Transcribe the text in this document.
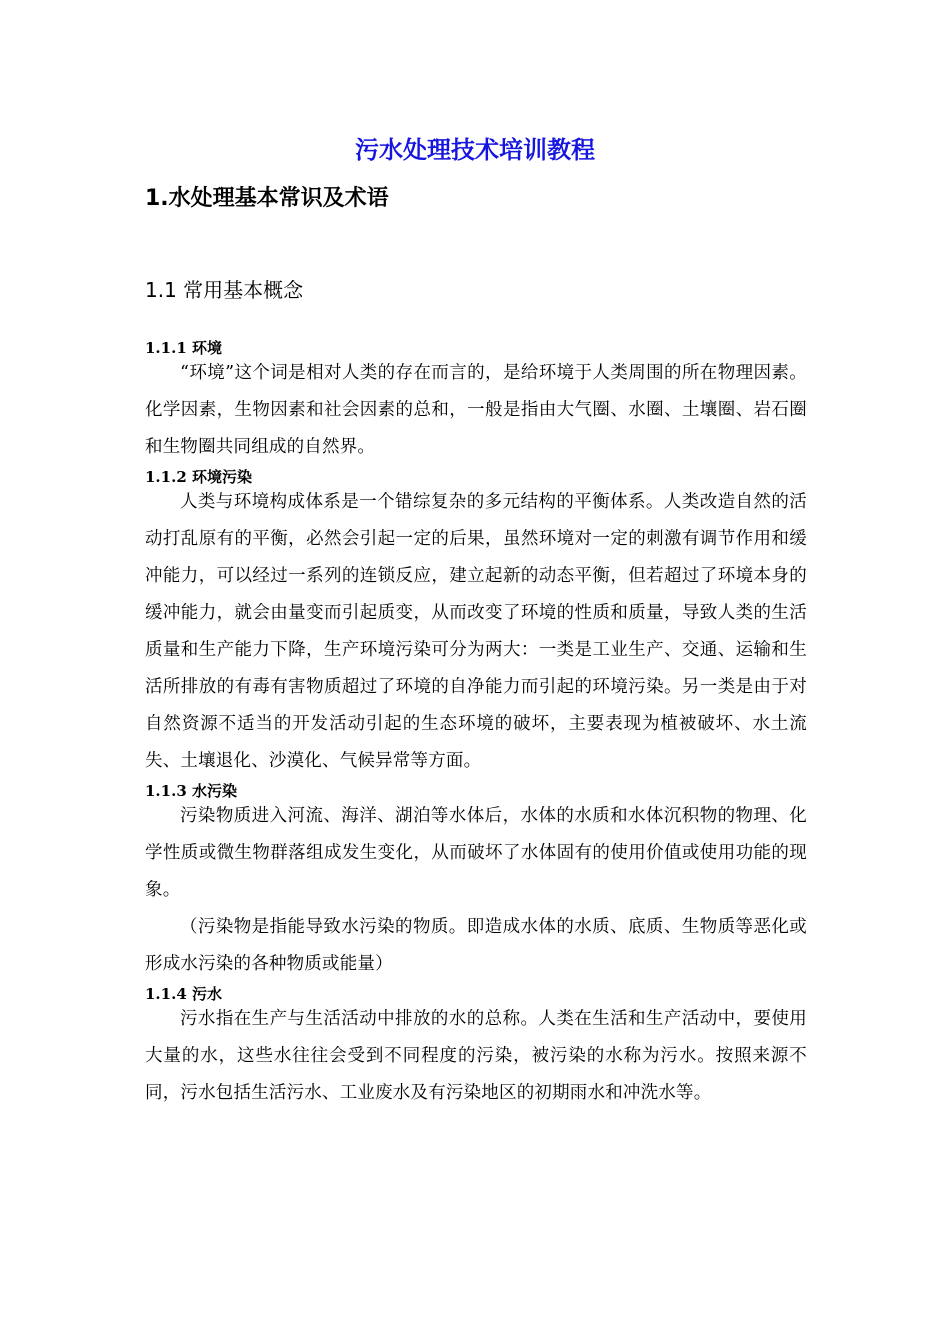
污水处理技术培训教程
1.水处理基本常识及术语
1.1 常用基本概念
1.1.1 环境

“环境”这个词是相对人类的存在而言的，是给环境于人类周围的所在物理因素。化学因素，生物因素和社会因素的总和，一般是指由大气圈、水圈、土壤圈、岩石圈和生物圈共同组成的自然界。

1.1.2 环境污染

人类与环境构成体系是一个错综复杂的多元结构的平衡体系。人类改造自然的活动打乱原有的平衡，必然会引起一定的后果，虽然环境对一定的刺激有调节作用和缓冲能力，可以经过一系列的连锁反应，建立起新的动态平衡，但若超过了环境本身的缓冲能力，就会由量变而引起质变，从而改变了环境的性质和质量，导致人类的生活质量和生产能力下降，生产环境污染可分为两大：一类是工业生产、交通、运输和生活所排放的有毒有害物质超过了环境的自净能力而引起的环境污染。另一类是由于对自然资源不适当的开发活动引起的生态环境的破坏，主要表现为植被破坏、水土流失、土壤退化、沙漠化、气候异常等方面。

1.1.3 水污染

污染物质进入河流、海洋、湖泊等水体后，水体的水质和水体沉积物的物理、化学性质或微生物群落组成发生变化，从而破坏了水体固有的使用价值或使用功能的现象。

（污染物是指能导致水污染的物质。即造成水体的水质、底质、生物质等恶化或形成水污染的各种物质或能量）

1.1.4 污水

污水指在生产与生活活动中排放的水的总称。人类在生活和生产活动中，要使用大量的水，这些水往往会受到不同程度的污染，被污染的水称为污水。按照来源不同，污水包括生活污水、工业废水及有污染地区的初期雨水和冲洗水等。
